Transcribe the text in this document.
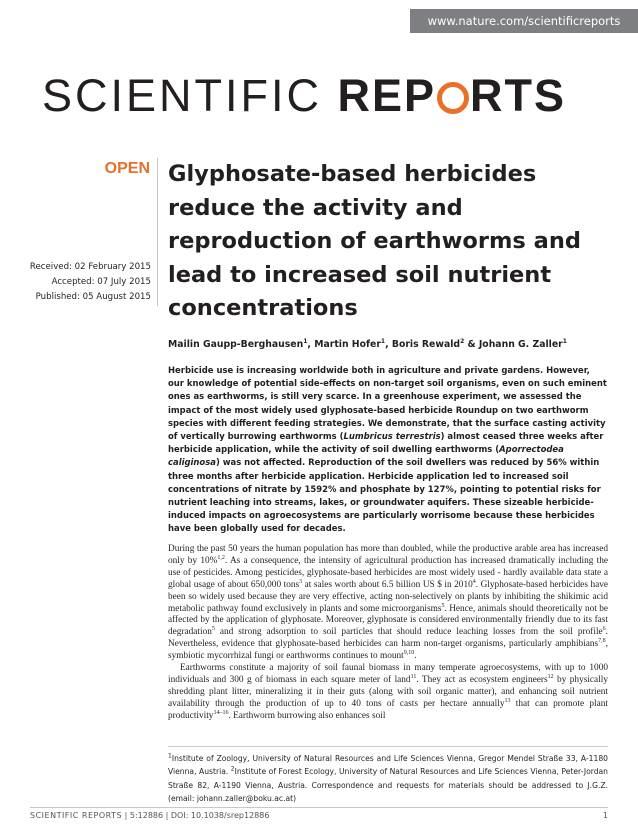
www.nature.com/scientificreports
SCIENTIFIC REP RTS
OPEN
Received: 02 February 2015
Accepted: 07 July 2015
Published: 05 August 2015
Glyphosate-based herbicides reduce the activity and reproduction of earthworms and lead to increased soil nutrient concentrations
Mailin Gaupp-Berghausen$^1$, Martin Hofer$^1$, Boris Rewald$^2$ & Johann G. Zaller$^1$
Herbicide use is increasing worldwide both in agriculture and private gardens. However, our knowledge of potential side-effects on non-target soil organisms, even on such eminent ones as earthworms, is still very scarce. In a greenhouse experiment, we assessed the impact of the most widely used glyphosate-based herbicide Roundup on two earthworm species with different feeding strategies. We demonstrate, that the surface casting activity of vertically burrowing earthworms (Lumbricus terrestris) almost ceased three weeks after herbicide application, while the activity of soil dwelling earthworms (Aporrectodea caliginosa) was not affected. Reproduction of the soil dwellers was reduced by 56% within three months after herbicide application. Herbicide application led to increased soil concentrations of nitrate by 1592% and phosphate by 127%, pointing to potential risks for nutrient leaching into streams, lakes, or groundwater aquifers. These sizeable herbicide-induced impacts on agroecosystems are particularly worrisome because these herbicides have been globally used for decades.

During the past 50 years the human population has more than doubled, while the productive arable area has increased only by 10%$^{1,2}$. As a consequence, the intensity of agricultural production has increased dramatically including the use of pesticides. Among pesticides, glyphosate-based herbicides are most widely used - hardly available data state a global usage of about 650,000 tons$^3$ at sales worth about 6.5 billion US $ in 2010$^4$. Glyphosate-based herbicides have been so widely used because they are very effective, acting non-selectively on plants by inhibiting the shikimic acid metabolic pathway found exclusively in plants and some microorganisms$^5$. Hence, animals should theoretically not be affected by the application of glyphosate. Moreover, glyphosate is considered environmentally friendly due to its fast degradation$^5$ and strong adsorption to soil particles that should reduce leaching losses from the soil profile$^6$. Nevertheless, evidence that glyphosate-based herbicides can harm non-target organisms, particularly amphibians$^{7,8}$, symbiotic mycorrhizal fungi or earthworms continues to mount$^{9,10}$.

Earthworms constitute a majority of soil faunal biomass in many temperate agroecosystems, with up to 1000 individuals and 300 g of biomass in each square meter of land$^{11}$. They act as ecosystem engineers$^{12}$ by physically shredding plant litter, mineralizing it in their guts (along with soil organic matter), and enhancing soil nutrient availability through the production of up to 40 tons of casts per hectare annually$^{13}$ that can promote plant productivity$^{14-16}$. Earthworm burrowing also enhances soil

$^1$Institute of Zoology, University of Natural Resources and Life Sciences Vienna, Gregor Mendel Straße 33, A-1180 Vienna, Austria. $^2$Institute of Forest Ecology, University of Natural Resources and Life Sciences Vienna, Peter-Jordan Straße 82, A-1190 Vienna, Austria. Correspondence and requests for materials should be addressed to J.G.Z. (email: johann.zaller@boku.ac.at)
SCIENTIFIC REPORTS | 5:12886 | DOI: 10.1038/srep12886	1
